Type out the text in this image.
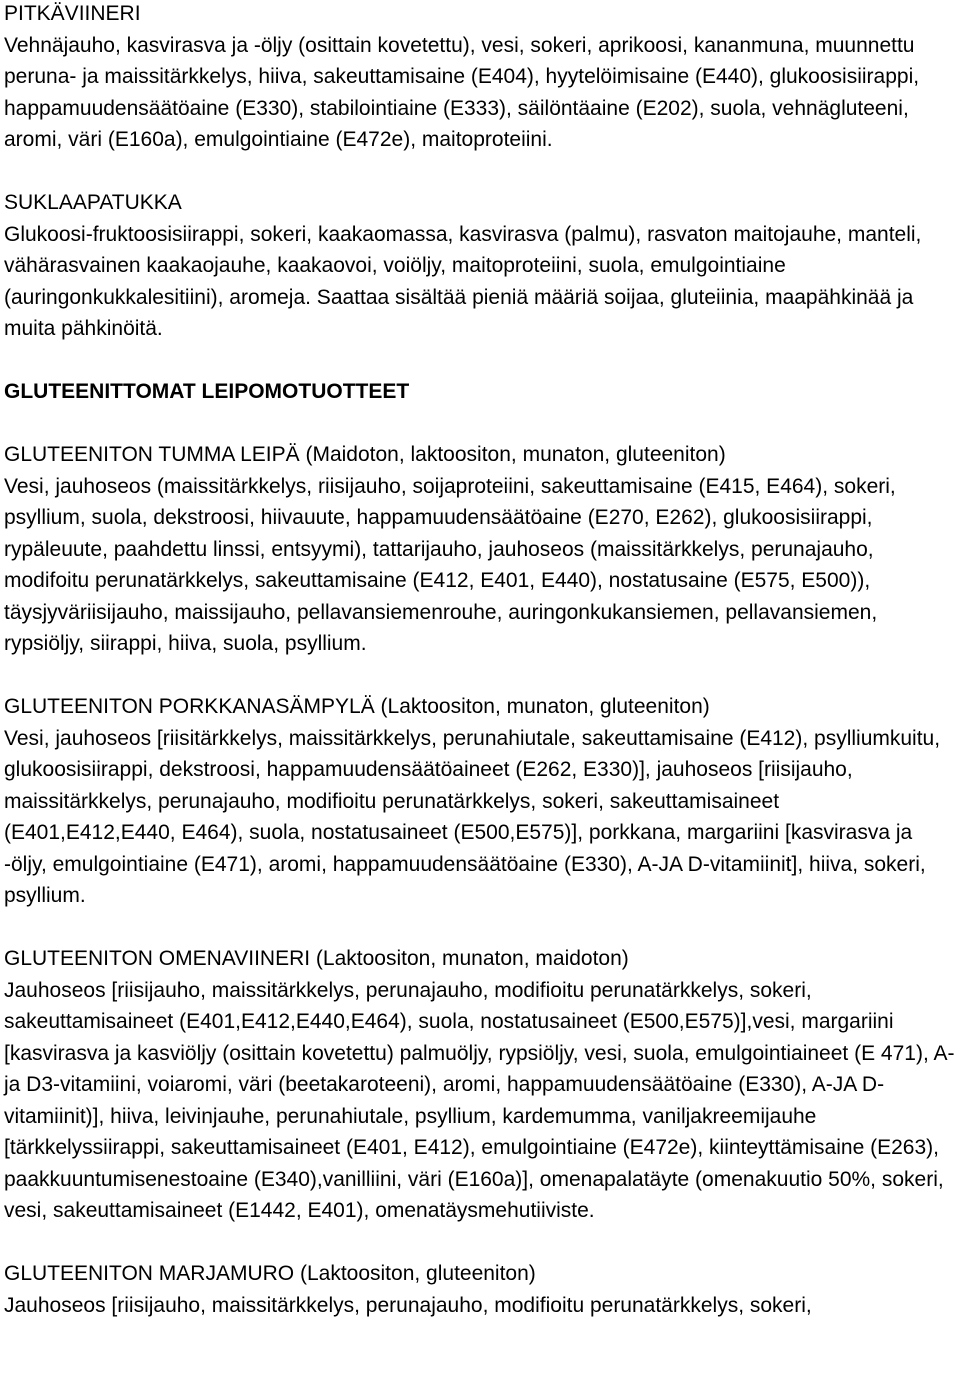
PITKÄVIINERI
Vehnäjauho, kasvirasva ja -öljy (osittain kovetettu), vesi, sokeri, aprikoosi, kananmuna, muunnettu peruna- ja maissitärkkelys, hiiva, sakeuttamisaine (E404), hyytelöimisaine (E440), glukoosisiirappi, happamuudensäätöaine (E330), stabilointiaine (E333), säilöntäaine (E202), suola, vehnägluteeni, aromi, väri (E160a), emulgointiaine (E472e), maitoproteiini.
SUKLAAPATUKKA
Glukoosi-fruktoosisiirappi, sokeri, kaakaomassa, kasvirasva (palmu), rasvaton maitojauhe, manteli, vähärasvainen kaakaojauhe, kaakaovoi, voiöljy, maitoproteiini, suola, emulgointiaine (auringonkukkalesitiini), aromeja. Saattaa sisältää pieniä määriä soijaa, gluteiinia, maapähkinää ja muita pähkinöitä.
GLUTEENITTOMAT LEIPOMOTUOTTEET
GLUTEENITON TUMMA LEIPÄ (Maidoton, laktoositon, munaton, gluteeniton)
Vesi, jauhoseos (maissitärkkelys, riisijauho, soijaproteiini, sakeuttamisaine (E415, E464), sokeri, psyllium, suola, dekstroosi, hiivauute, happamuudensäätöaine (E270, E262), glukoosisiirappi, rypäleuute, paahdettu linssi, entsyymi), tattarijauho, jauhoseos (maissitärkkelys, perunajauho, modifoitu perunatärkkelys, sakeuttamisaine (E412, E401, E440), nostatusaine (E575, E500)), täysjyväriisijauho, maissijauho, pellavansiemenrouhe, auringonkukansiemen, pellavansiemen, rypsiöljy, siirappi, hiiva, suola, psyllium.
GLUTEENITON PORKKANASÄMPYLÄ (Laktoositon, munaton, gluteeniton)
Vesi, jauhoseos [riisitärkkelys, maissitärkkelys, perunahiutale, sakeuttamisaine (E412), psylliumkuitu, glukoosisiirappi, dekstroosi, happamuudensäätöaineet (E262, E330)], jauhoseos [riisijauho, maissitärkkelys, perunajauho, modifioitu perunatärkkelys, sokeri, sakeuttamisaineet (E401,E412,E440, E464), suola, nostatusaineet (E500,E575)], porkkana, margariini [kasvirasva ja -öljy, emulgointiaine (E471), aromi, happamuudensäätöaine (E330), A-JA D-vitamiinit], hiiva, sokeri, psyllium.
GLUTEENITON OMENAVIINERI (Laktoositon, munaton, maidoton)
Jauhoseos [riisijauho, maissitärkkelys, perunajauho, modifioitu perunatärkkelys, sokeri, sakeuttamisaineet (E401,E412,E440,E464), suola, nostatusaineet (E500,E575)],vesi, margariini [kasvirasva ja kasviöljy (osittain kovetettu) palmuöljy, rypsiöljy, vesi, suola, emulgointiaineet (E 471), A- ja D3-vitamiini, voiaromi, väri (beetakaroteeni), aromi, happamuudensäätöaine (E330), A-JA D-vitamiinit)], hiiva, leivinjauhe, perunahiutale, psyllium, kardemumma, vaniljakreemijauhe [tärkkelyssiirappi, sakeuttamisaineet (E401, E412), emulgointiaine (E472e), kiinteyttämisaine (E263), paakkuuntumisenestoaine (E340),vanilliini, väri (E160a)], omenapalatäyte (omenakuutio 50%, sokeri, vesi, sakeuttamisaineet (E1442, E401), omenatäysmehutiiviste.
GLUTEENITON MARJAMURO (Laktoositon, gluteeniton)
Jauhoseos [riisijauho, maissitärkkelys, perunajauho, modifioitu perunatärkkelys, sokeri,
